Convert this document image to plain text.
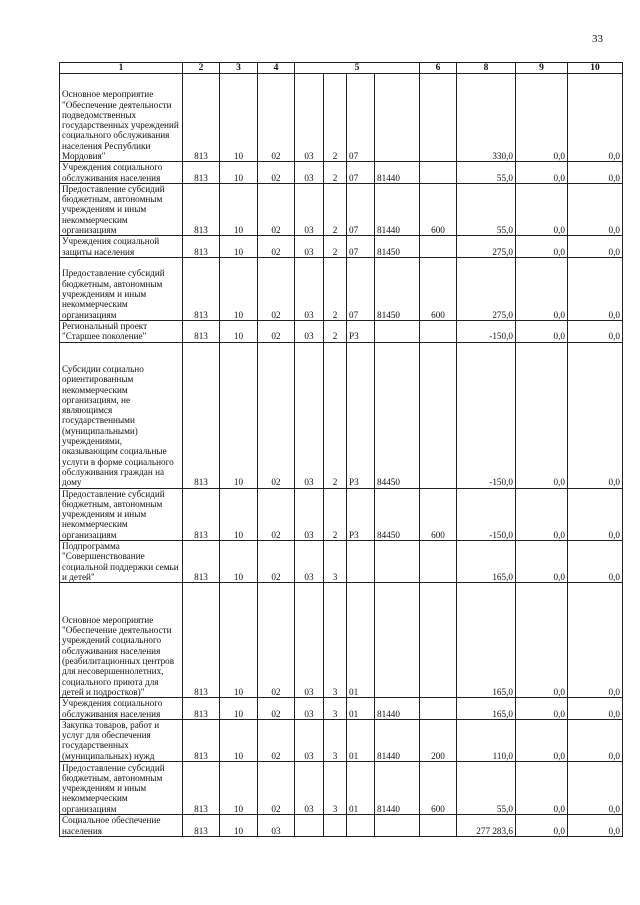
33
1	2	3	4	5				6	8	9	10
Основное мероприятие "Обеспечение деятельности подведомственных государственных учреждений социального обслуживания населения Республики Мордовия"	813	10	02	03	2	07			330,0	0,0	0,0
Учреждения социального обслуживания населения	813	10	02	03	2	07	81440		55,0	0,0	0,0
Предоставление субсидий бюджетным, автономным учреждениям и иным некоммерческим организациям	813	10	02	03	2	07	81440	600	55,0	0,0	0,0
Учреждения социальной защиты населения	813	10	02	03	2	07	81450		275,0	0,0	0,0
Предоставление субсидий бюджетным, автономным учреждениям и иным некоммерческим организациям	813	10	02	03	2	07	81450	600	275,0	0,0	0,0
Региональный проект "Старшее поколение"	813	10	02	03	2	P3			-150,0	0,0	0,0
Субсидии социально ориентированным некоммерческим организациям, не являющимся государственными (муниципальными) учреждениями, оказывающим социальные услуги в форме социального обслуживания граждан на дому	813	10	02	03	2	P3	84450		-150,0	0,0	0,0
Предоставление субсидий бюджетным, автономным учреждениям и иным некоммерческим организациям	813	10	02	03	2	P3	84450	600	-150,0	0,0	0,0
Подпрограмма "Совершенствование социальной поддержки семьи и детей"	813	10	02	03	3				165,0	0,0	0,0
Основное мероприятие "Обеспечение деятельности учреждений социального обслуживания населения (реабилитационных центров для несовершеннолетних, социального приюта для детей и подростков)"	813	10	02	03	3	01			165,0	0,0	0,0
Учреждения социального обслуживания населения	813	10	02	03	3	01	81440		165,0	0,0	0,0
Закупка товаров, работ и услуг для обеспечения государственных (муниципальных) нужд	813	10	02	03	3	01	81440	200	110,0	0,0	0,0
Предоставление субсидий бюджетным, автономным учреждениям и иным некоммерческим организациям	813	10	02	03	3	01	81440	600	55,0	0,0	0,0
Социальное обеспечение населения	813	10	03						277 283,6	0,0	0,0
